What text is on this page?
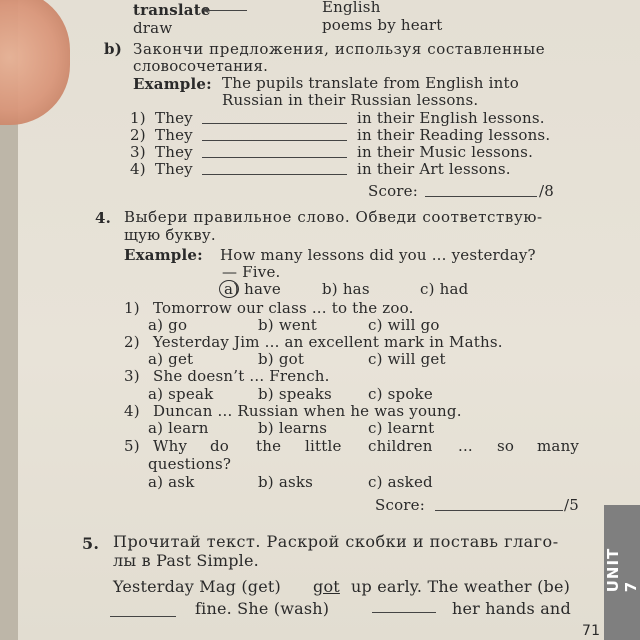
translate
draw
English
poems by heart
b) Закончи предложения, используя составленные
словосочетания.
Example: The pupils translate from English into
Russian in their Russian lessons.
1) They	in their English lessons.
2) They	in their Reading lessons.
3) They	in their Music lessons.
4) They	in their Art lessons.
Score:	/8
4. Выбери правильное слово. Обведи соответствую-
щую букву.
Example: How many lessons did you ... yesterday?
— Five.
a) have	b) has	c) had
1) Tomorrow our class ... to the zoo.
a) go	b) went	c) will go
2) Yesterday Jim ... an excellent mark in Maths.
a) get	b) got	c) will get
3) She doesn’t ... French.
a) speak	b) speaks c) spoke
4) Duncan ... Russian when he was young.
a) learn	b) learns	c) learnt
5) Why do the little children ... so many
questions?
a) ask	b) asks	c) asked
Score:	/5
5. Прочитай текст. Раскрой скобки и поставь глаго-
лы в Past Simple.
Yesterday Mag (get) got up early. The weather (be)
fine. She (wash)	her hands and
UNIT 7
71
